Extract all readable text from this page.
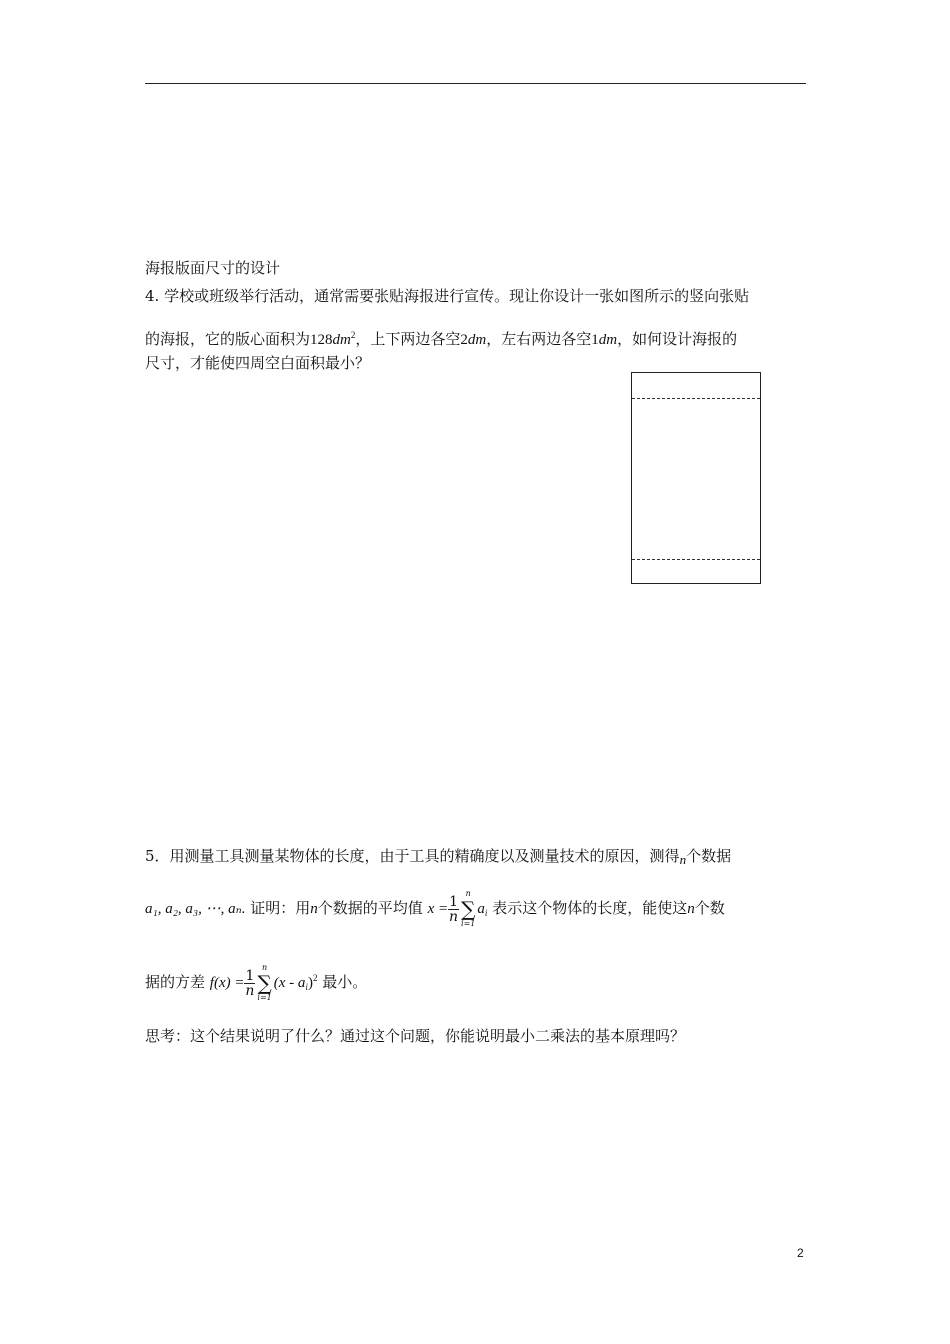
海报版面尺寸的设计
4. 学校或班级举行活动，通常需要张贴海报进行宣传。现让你设计一张如图所示的竖向张贴
的海报，它的版心面积为$128dm^2$，上下两边各空2dm，左右两边各空1dm，如何设计海报的
尺寸，才能使四周空白面积最小？
5．用测量工具测量某物体的长度，由于工具的精确度以及测量技术的原因，测得n个数据
a₁, a₂, a₃, ⋯, aₙ. 证明：用n个数据的平均值 $x = \frac{1}{n}$
n
∑
i=1
$a_i$ 表示这个物体的长度，能使这n个数
据的方差 $f(x) = \frac{1}{n}$
n
∑
i=1
$(x - a_i)^2$ 最小。
思考：这个结果说明了什么？通过这个问题，你能说明最小二乘法的基本原理吗？
2
